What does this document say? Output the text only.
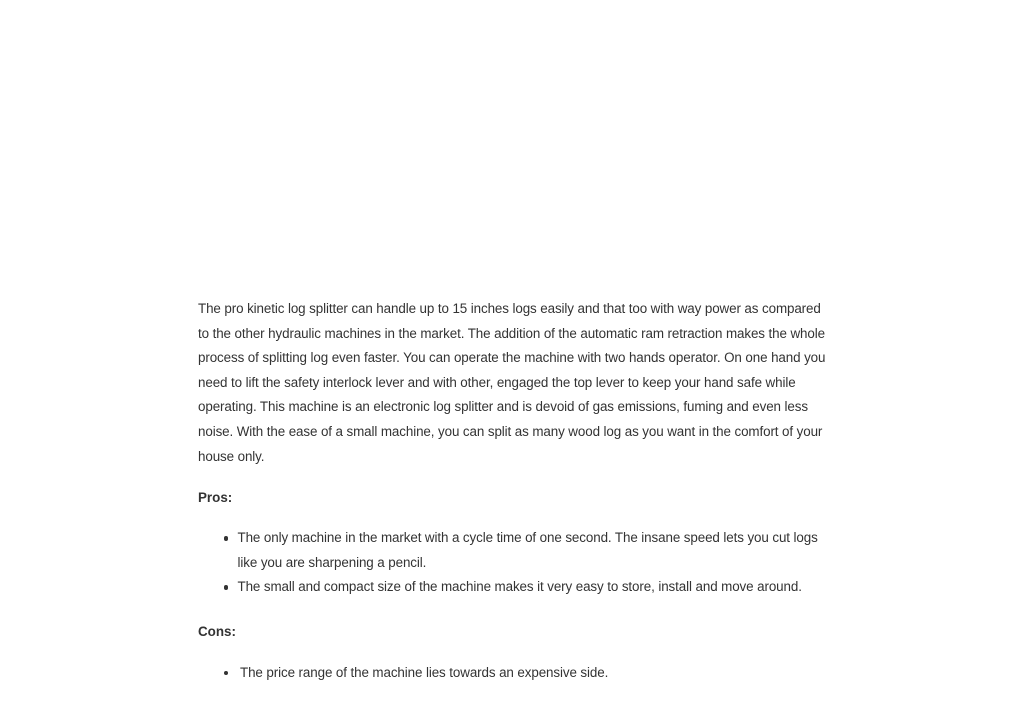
The pro kinetic log splitter can handle up to 15 inches logs easily and that too with way power as compared to the other hydraulic machines in the market. The addition of the automatic ram retraction makes the whole process of splitting log even faster. You can operate the machine with two hands operator. On one hand you need to lift the safety interlock lever and with other, engaged the top lever to keep your hand safe while operating. This machine is an electronic log splitter and is devoid of gas emissions, fuming and even less noise. With the ease of a small machine, you can split as many wood log as you want in the comfort of your house only.

Pros:

The only machine in the market with a cycle time of one second. The insane speed lets you cut logs like you are sharpening a pencil.
The small and compact size of the machine makes it very easy to store, install and move around.

Cons:

The price range of the machine lies towards an expensive side.
